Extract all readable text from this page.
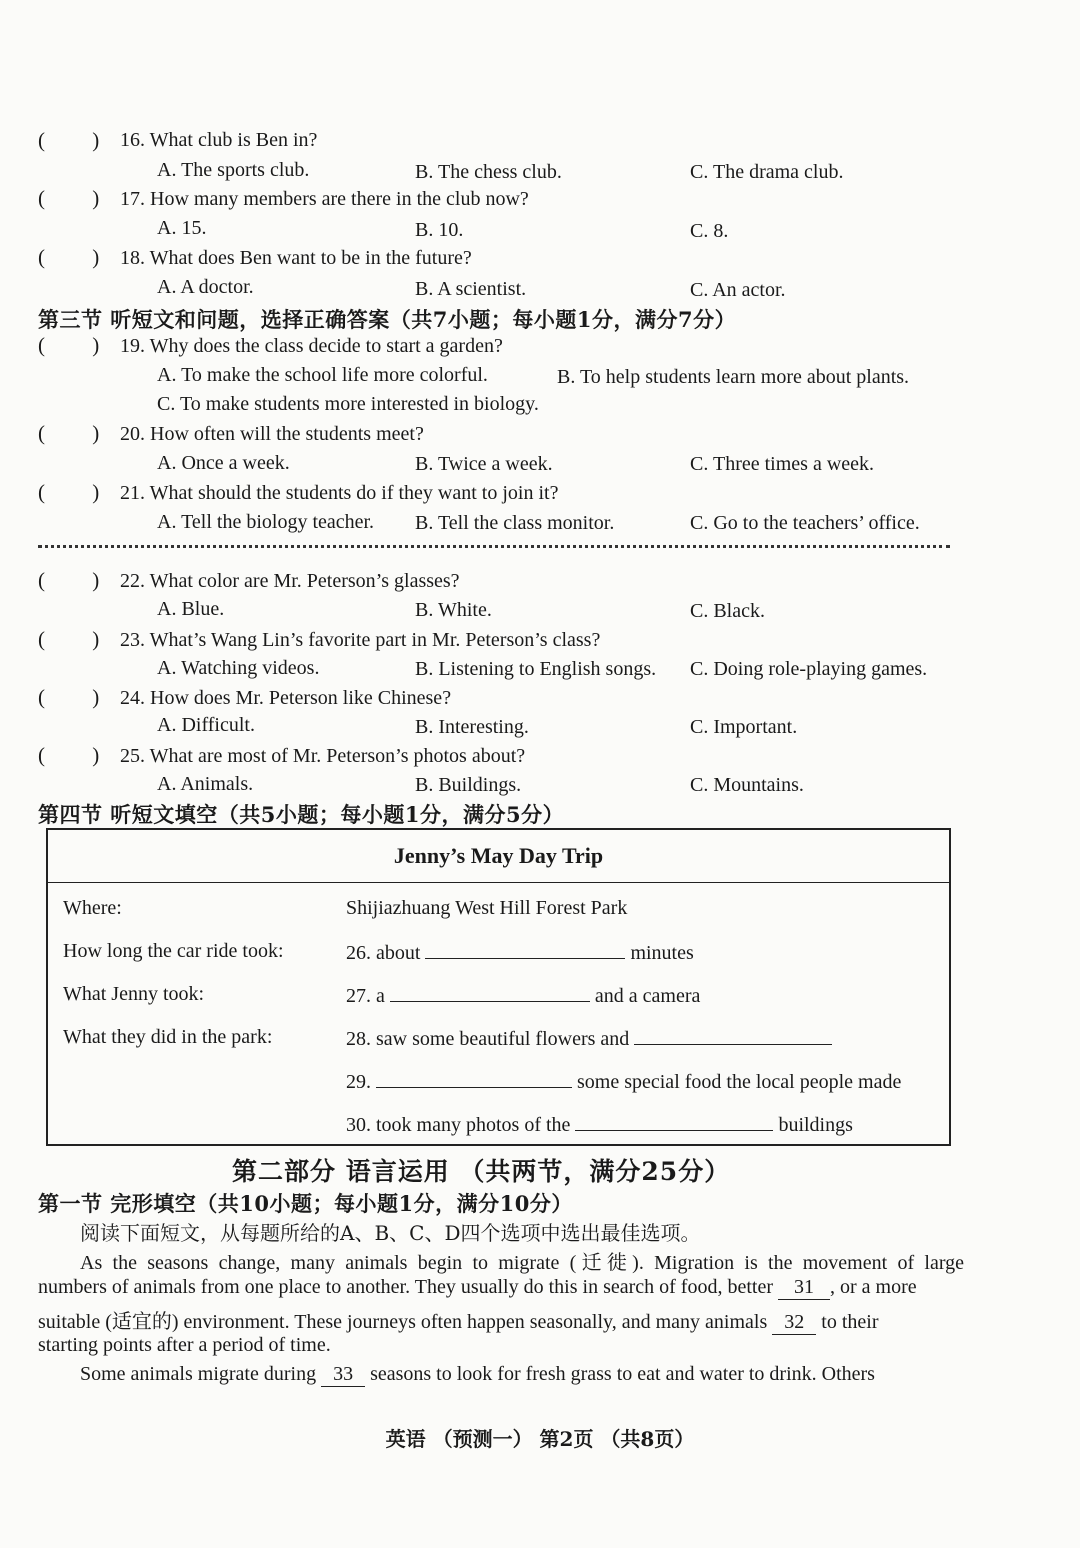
(         ) 16. What club is Ben in?
A. The sports club.	B. The chess club.	C. The drama club.
(         ) 17. How many members are there in the club now?
A. 15.	B. 10.	C. 8.
(         ) 18. What does Ben want to be in the future?
A. A doctor.	B. A scientist.	C. An actor.
第三节 听短文和问题，选择正确答案（共7小题；每小题1分，满分7分）
(         ) 19. Why does the class decide to start a garden?
A. To make the school life more colorful.	B. To help students learn more about plants.
C. To make students more interested in biology.
(         ) 20. How often will the students meet?
A. Once a week.	B. Twice a week.	C. Three times a week.
(         ) 21. What should the students do if they want to join it?
A. Tell the biology teacher. B. Tell the class monitor.	C. Go to the teachers’ office.
(         ) 22. What color are Mr. Peterson’s glasses?
A. Blue.	B. White.	C. Black.
(         ) 23. What’s Wang Lin’s favorite part in Mr. Peterson’s class?
A. Watching videos.	B. Listening to English songs. C. Doing role-playing games.
(         ) 24. How does Mr. Peterson like Chinese?
A. Difficult.	B. Interesting.	C. Important.
(         ) 25. What are most of Mr. Peterson’s photos about?
A. Animals.	B. Buildings.	C. Mountains.
第四节 听短文填空（共5小题；每小题1分，满分5分）
Jenny’s May Day Trip
Where:	Shijiazhuang West Hill Forest Park
How long the car ride took:	26. about	minutes
What Jenny took:	27. a	and a camera
What they did in the park:	28. saw some beautiful flowers and
29.	some special food the local people made
30. took many photos of the	buildings
第二部分 语言运用 （共两节，满分25分）
第一节 完形填空（共10小题；每小题1分，满分10分）
阅读下面短文，从每题所给的A、B、C、D四个选项中选出最佳选项。
As the seasons change, many animals begin to migrate (迁徙). Migration is the movement of large
numbers of animals from one place to another. They usually do this in search of food, better 31 , or a more
suitable (适宜的) environment. These journeys often happen seasonally, and many animals 32 to their
starting points after a period of time.
Some animals migrate during 33 seasons to look for fresh grass to eat and water to drink. Others
英语 （预测一） 第2页 （共8页）
